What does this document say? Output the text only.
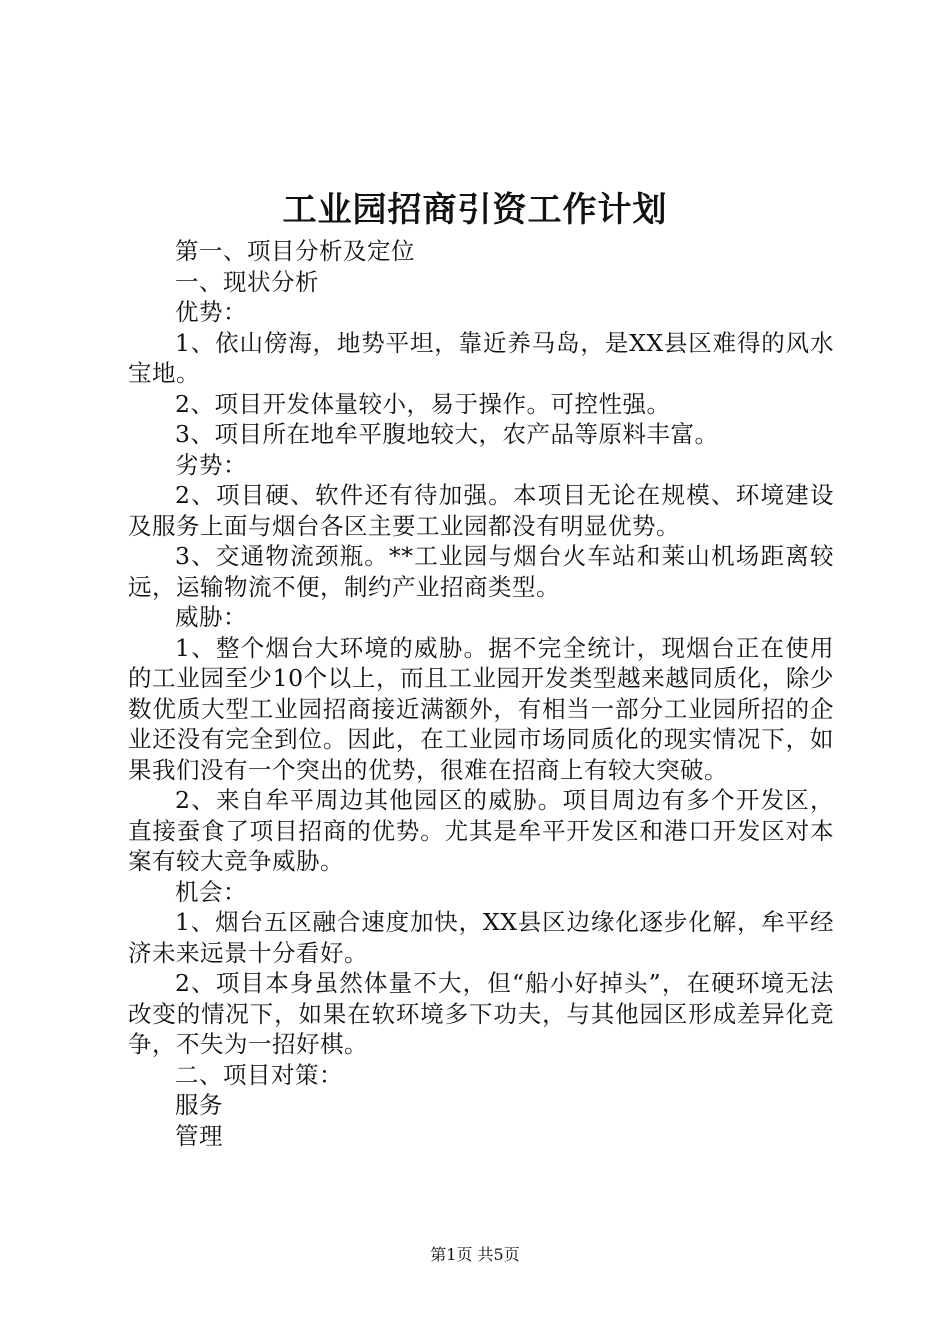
工业园招商引资工作计划

第一、项目分析及定位

一、现状分析

优势：

1、依山傍海，地势平坦，靠近养马岛，是XX县区难得的风水宝地。

2、项目开发体量较小，易于操作。可控性强。

3、项目所在地牟平腹地较大，农产品等原料丰富。

劣势：

2、项目硬、软件还有待加强。本项目无论在规模、环境建设及服务上面与烟台各区主要工业园都没有明显优势。

3、交通物流颈瓶。**工业园与烟台火车站和莱山机场距离较远，运输物流不便，制约产业招商类型。

威胁：

1、整个烟台大环境的威胁。据不完全统计，现烟台正在使用的工业园至少10个以上，而且工业园开发类型越来越同质化，除少数优质大型工业园招商接近满额外，有相当一部分工业园所招的企业还没有完全到位。因此，在工业园市场同质化的现实情况下，如果我们没有一个突出的优势，很难在招商上有较大突破。

2、来自牟平周边其他园区的威胁。项目周边有多个开发区，直接蚕食了项目招商的优势。尤其是牟平开发区和港口开发区对本案有较大竞争威胁。

机会：

1、烟台五区融合速度加快，XX县区边缘化逐步化解，牟平经济未来远景十分看好。

2、项目本身虽然体量不大，但“船小好掉头”，在硬环境无法改变的情况下，如果在软环境多下功夫，与其他园区形成差异化竞争，不失为一招好棋。

二、项目对策：

服务

管理

第1页 共5页
